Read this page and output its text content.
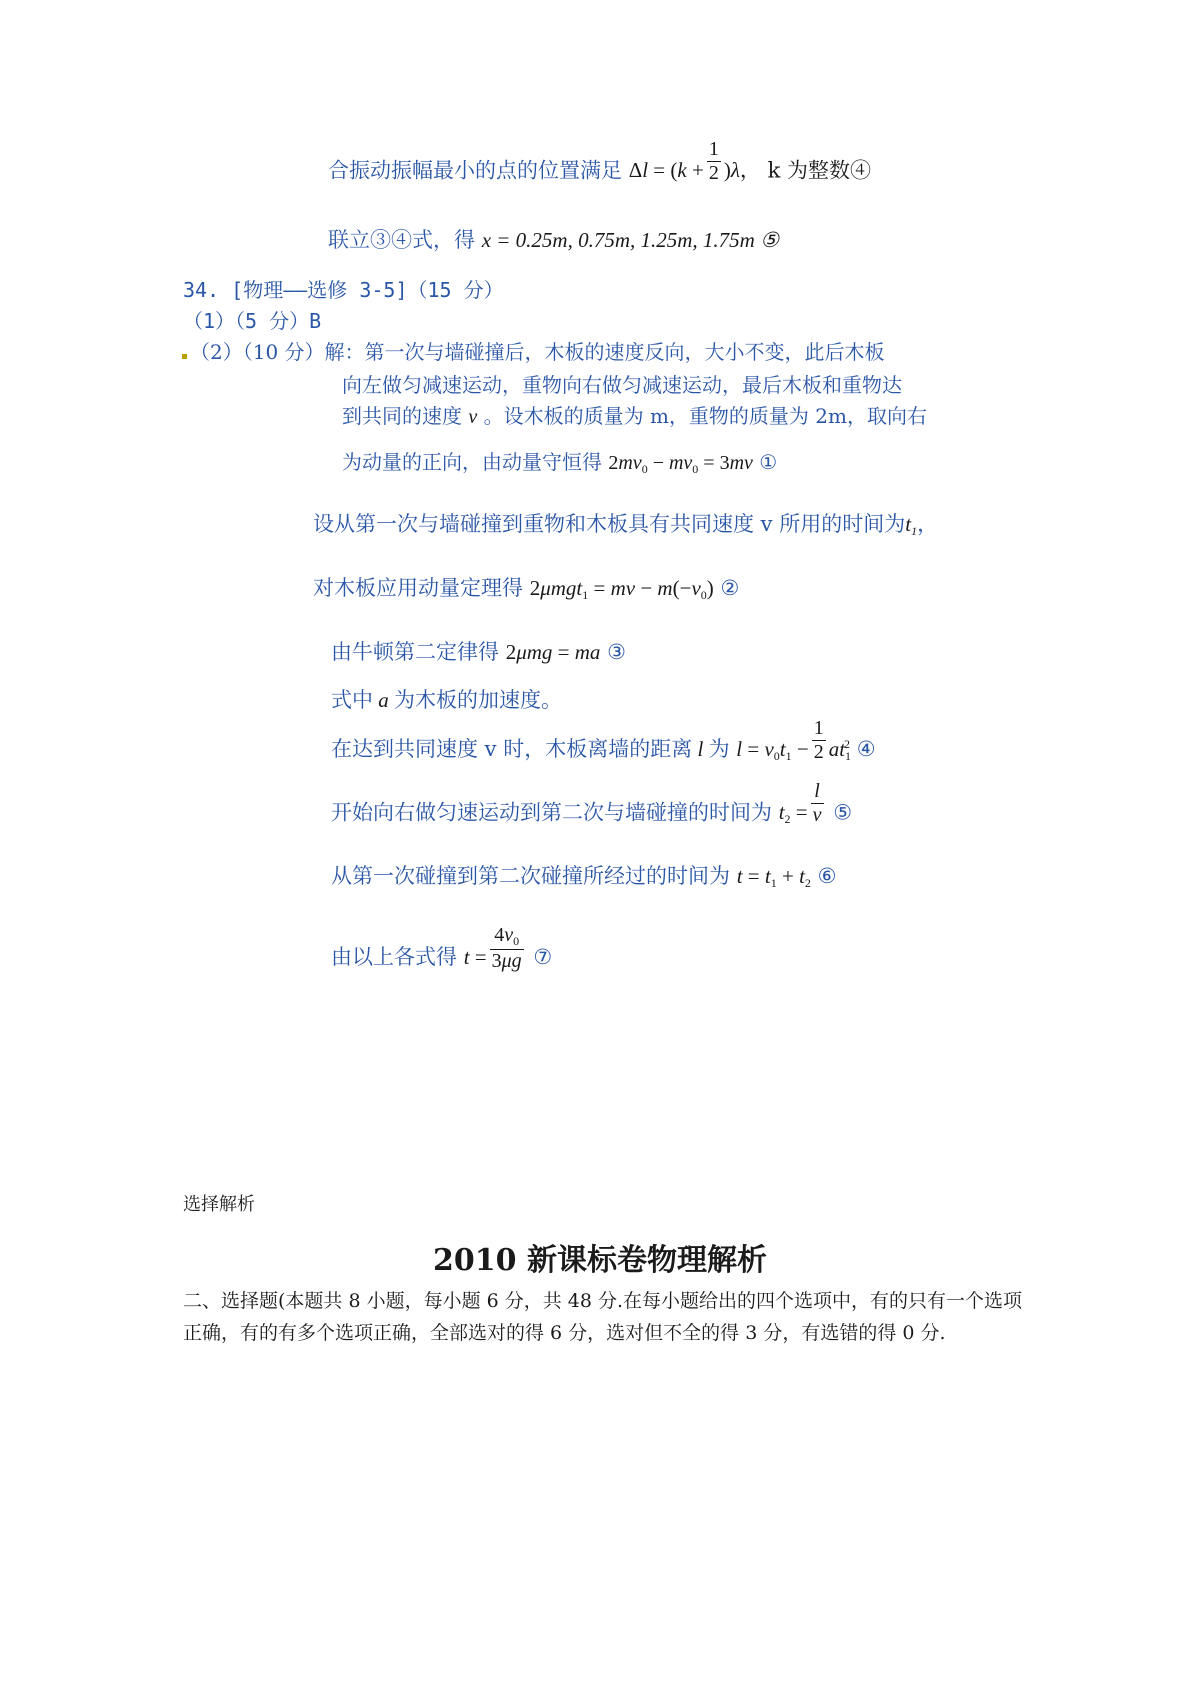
合振动振幅最小的点的位置满足 $\Delta l = (k + \frac{1}{2} )\lambda$， k 为整数④
联立③④式，得 x = 0.25m, 0.75m, 1.25m, 1.75m ⑤
34. [物理——选修 3-5]（15 分）
（1）（5 分）B
（2）（10 分）解：第一次与墙碰撞后，木板的速度反向，大小不变，此后木板
向左做匀减速运动，重物向右做匀减速运动，最后木板和重物达
到共同的速度 v 。设木板的质量为 m，重物的质量为 2m，取向右
为动量的正向，由动量守恒得 $2mv_0 - mv_0 = 3mv$ ①
设从第一次与墙碰撞到重物和木板具有共同速度 v 所用的时间为$t_1$，
对木板应用动量定理得 2μmgt$_1$ = mv − $m(-v_0)$ ②
由牛顿第二定律得 2μmg = ma ③
式中 a 为木板的加速度。
在达到共同速度 v 时，木板离墙的距离 l 为 $l = v_0t_1 - \frac{1}{2} at_1^2$ ④
开始向右做匀速运动到第二次与墙碰撞的时间为 $t_2 = \frac{l}{v}$ ⑤
从第一次碰撞到第二次碰撞所经过的时间为 $t = t_1 + t_2$ ⑥
由以上各式得 $t = \frac{4v_0}{3\mu g}$ ⑦
选择解析
2010 新课标卷物理解析
二、选择题(本题共 8 小题，每小题 6 分，共 48 分.在每小题给出的四个选项中，有的只有一个选项正确，有的有多个选项正确，全部选对的得 6 分，选对但不全的得 3 分，有选错的得 0 分.
